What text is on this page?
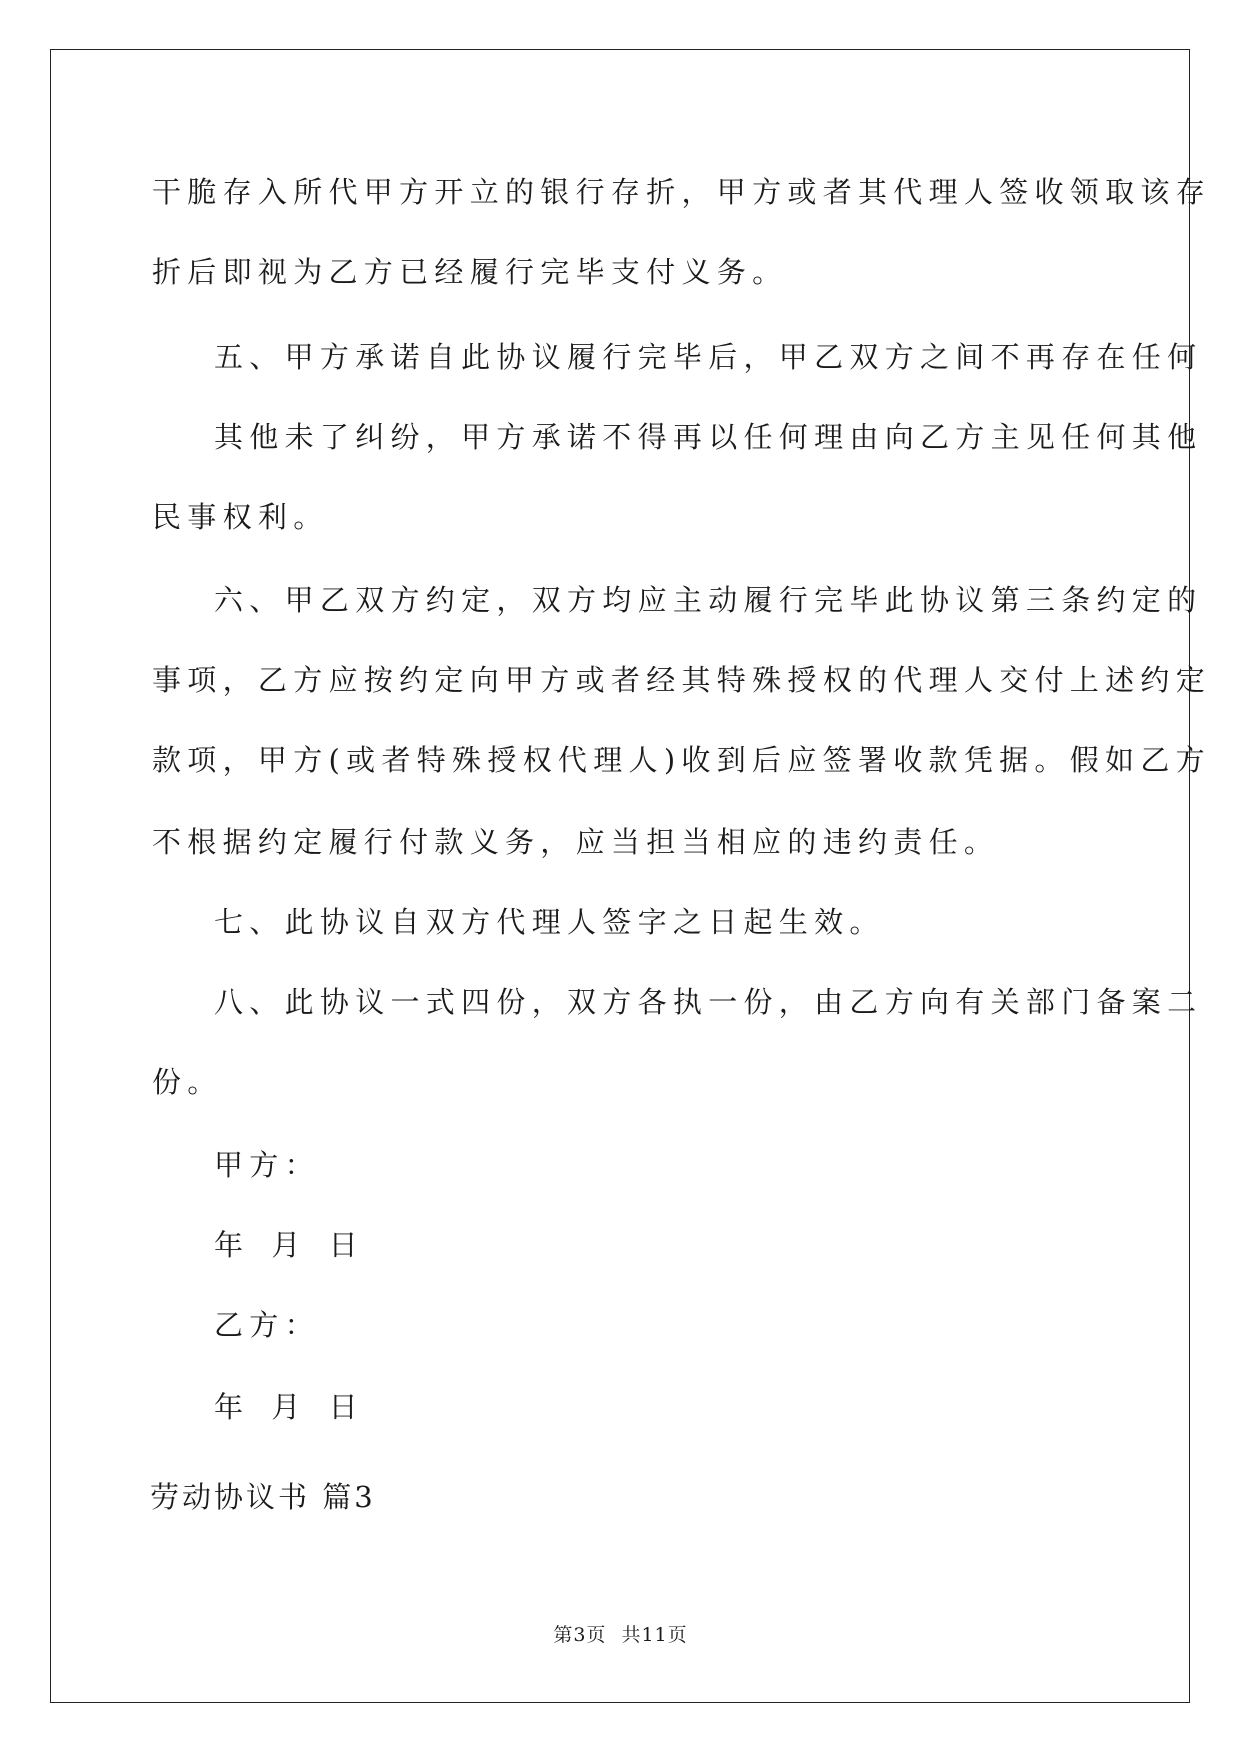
干脆存入所代甲方开立的银行存折，甲方或者其代理人签收领取该存

折后即视为乙方已经履行完毕支付义务。

五、甲方承诺自此协议履行完毕后，甲乙双方之间不再存在任何

其他未了纠纷，甲方承诺不得再以任何理由向乙方主见任何其他

民事权利。

六、甲乙双方约定，双方均应主动履行完毕此协议第三条约定的

事项，乙方应按约定向甲方或者经其特殊授权的代理人交付上述约定

款项，甲方(或者特殊授权代理人)收到后应签署收款凭据。假如乙方

不根据约定履行付款义务，应当担当相应的违约责任。

七、此协议自双方代理人签字之日起生效。

八、此协议一式四份，双方各执一份，由乙方向有关部门备案二

份。

甲方：

年 月 日

乙方：

年 月 日

劳动协议书 篇3
第3页 共11页
